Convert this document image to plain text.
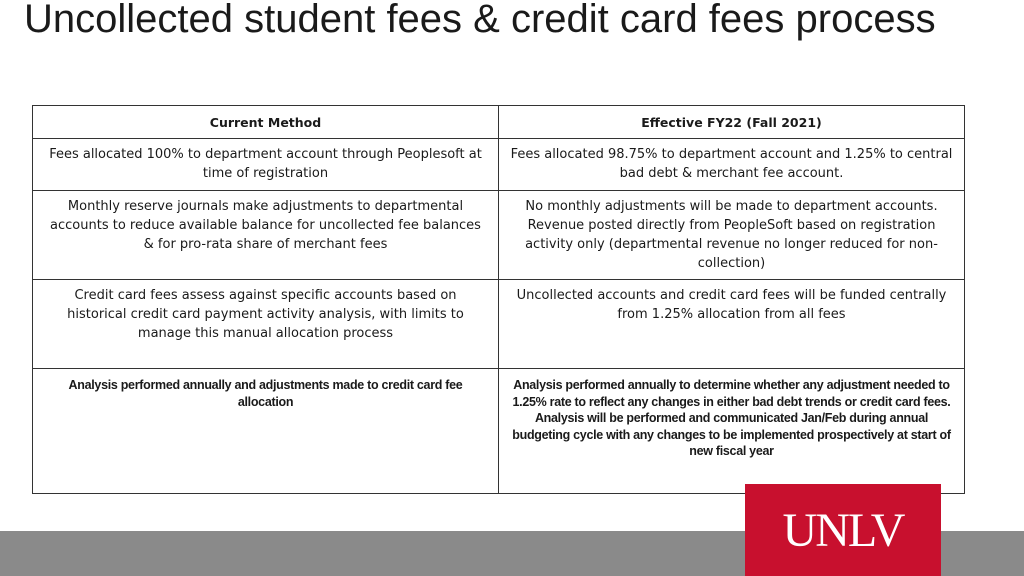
Uncollected student fees & credit card fees process
Current Method	Effective FY22 (Fall 2021)
Fees allocated 100% to department account through Peoplesoft at time of registration	Fees allocated 98.75% to department account and 1.25% to central bad debt & merchant fee account.
Monthly reserve journals make adjustments to departmental accounts to reduce available balance for uncollected fee balances & for pro-rata share of merchant fees	No monthly adjustments will be made to department accounts. Revenue posted directly from PeopleSoft based on registration activity only (departmental revenue no longer reduced for non-collection)
Credit card fees assess against specific accounts based on historical credit card payment activity analysis, with limits to manage this manual allocation process	Uncollected accounts and credit card fees will be funded centrally from 1.25% allocation from all fees
Analysis performed annually and adjustments made to credit card fee allocation	Analysis performed annually to determine whether any adjustment needed to 1.25% rate to reflect any changes in either bad debt trends or credit card fees. Analysis will be performed and communicated Jan/Feb during annual budgeting cycle with any changes to be implemented prospectively at start of new fiscal year
UNLV
